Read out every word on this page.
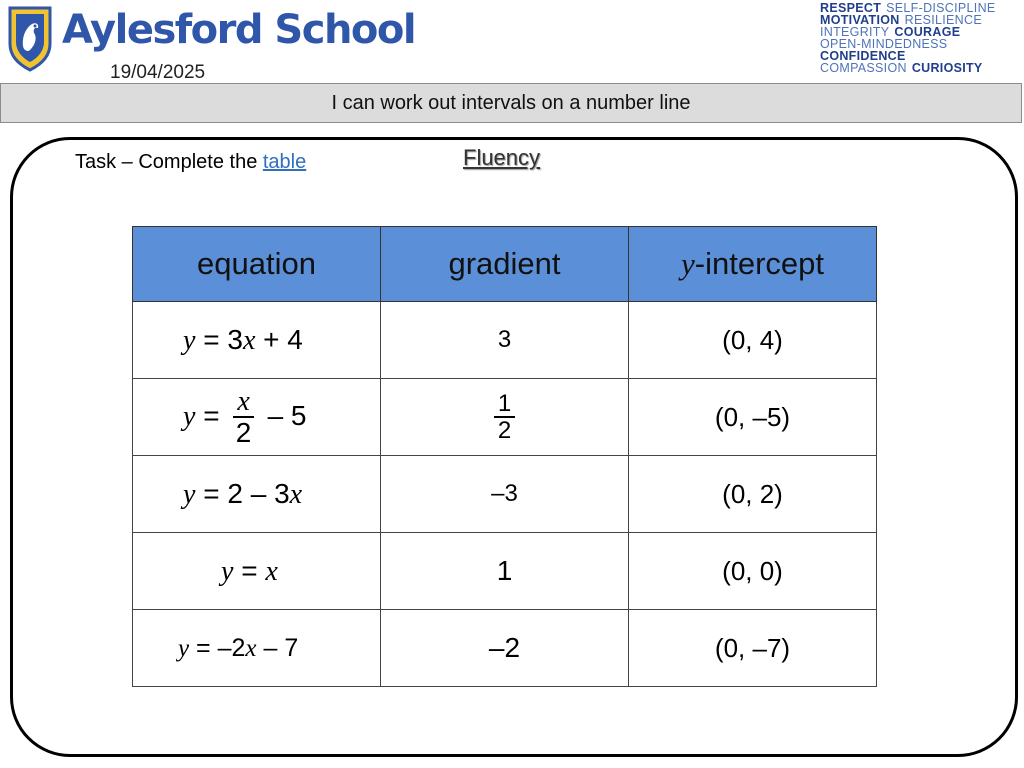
Aylesford School
19/04/2025
RESPECT SELF-DISCIPLINE
MOTIVATION RESILIENCE
INTEGRITY COURAGE
OPEN-MINDEDNESS
CONFIDENCE
COMPASSION CURIOSITY
I can work out intervals on a number line
Task – Complete the table	Fluency
equation	gradient	y-intercept
y = 3x + 4	3	(0, 4)
$y = \frac{x}{2} - 5$	$\frac{1}{2}$	(0, –5)
y = 2 – 3x	–3	(0, 2)
y = x	1	(0, 0)
y = –2x – 7	–2	(0, –7)
